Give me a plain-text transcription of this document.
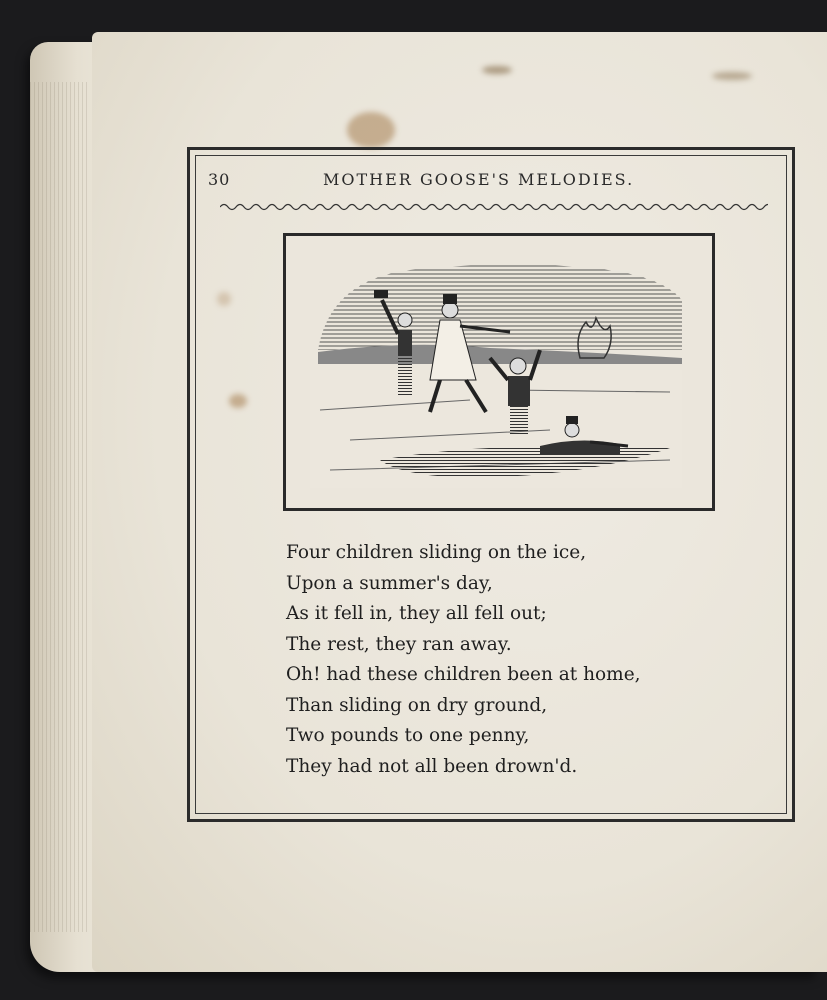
30	MOTHER GOOSE'S MELODIES.
Four children sliding on the ice,
Upon a summer's day,
As it fell in, they all fell out;
The rest, they ran away.
Oh! had these children been at home,
Than sliding on dry ground,
Two pounds to one penny,
They had not all been drown'd.
